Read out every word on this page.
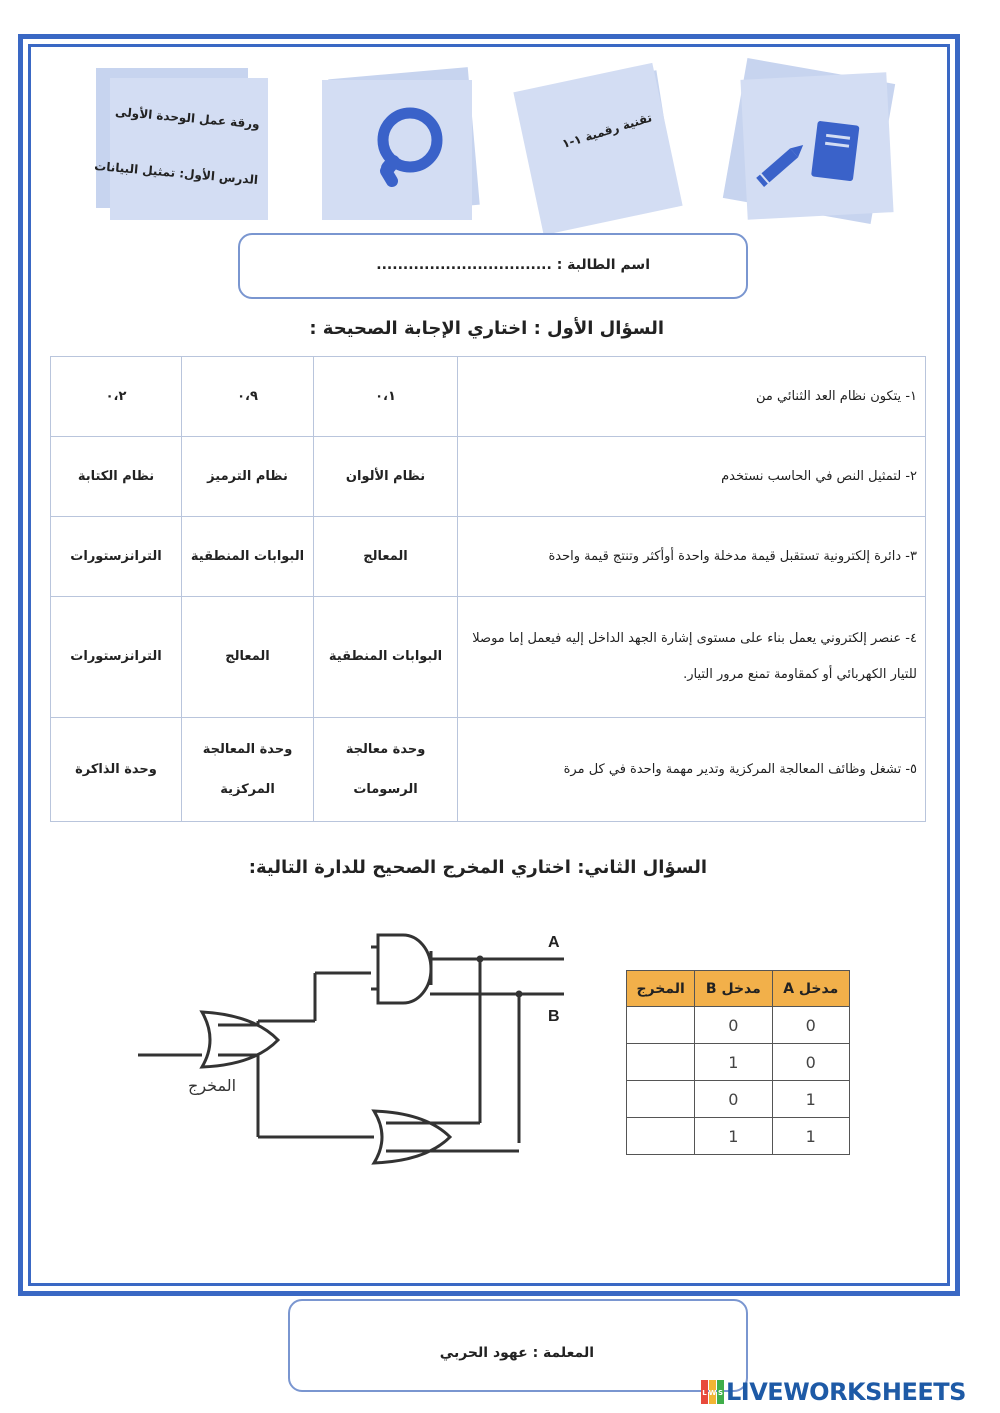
ورقة عمل الوحدة الأولى
الدرس الأول: تمثيل البيانات
تقنية رقمية ١-١
اسم الطالبة : .................................
السؤال الأول : اختاري الإجابة الصحيحة :
١- يتكون نظام العد الثنائي من	٠،١	٠،٩	٠،٢
٢- لتمثيل النص في الحاسب نستخدم	نظام الألوان	نظام الترميز	نظام الكتابة
٣- دائرة إلكترونية تستقبل قيمة مدخلة واحدة أوأكثر وتنتج قيمة واحدة	المعالج	البوابات المنطقية	الترانزستورات
٤- عنصر إلكتروني يعمل بناء على مستوى إشارة الجهد الداخل إليه فيعمل إما موصلا للتيار الكهربائي أو كمقاومة تمنع مرور التيار.	البوابات المنطقية	المعالج	الترانزستورات
٥- تشغل وظائف المعالجة المركزية وتدير مهمة واحدة في كل مرة	وحدة معالجة الرسومات	وحدة المعالجة المركزية	وحدة الذاكرة
السؤال الثاني: اختاري المخرج الصحيح للدارة التالية:
A
B
المخرج
مدخل A	مدخل B	المخرج
0	0	
0	1	
1	0	
1	1	
المعلمة : عهود الحربي
L W S LIVEWORKSHEETS
